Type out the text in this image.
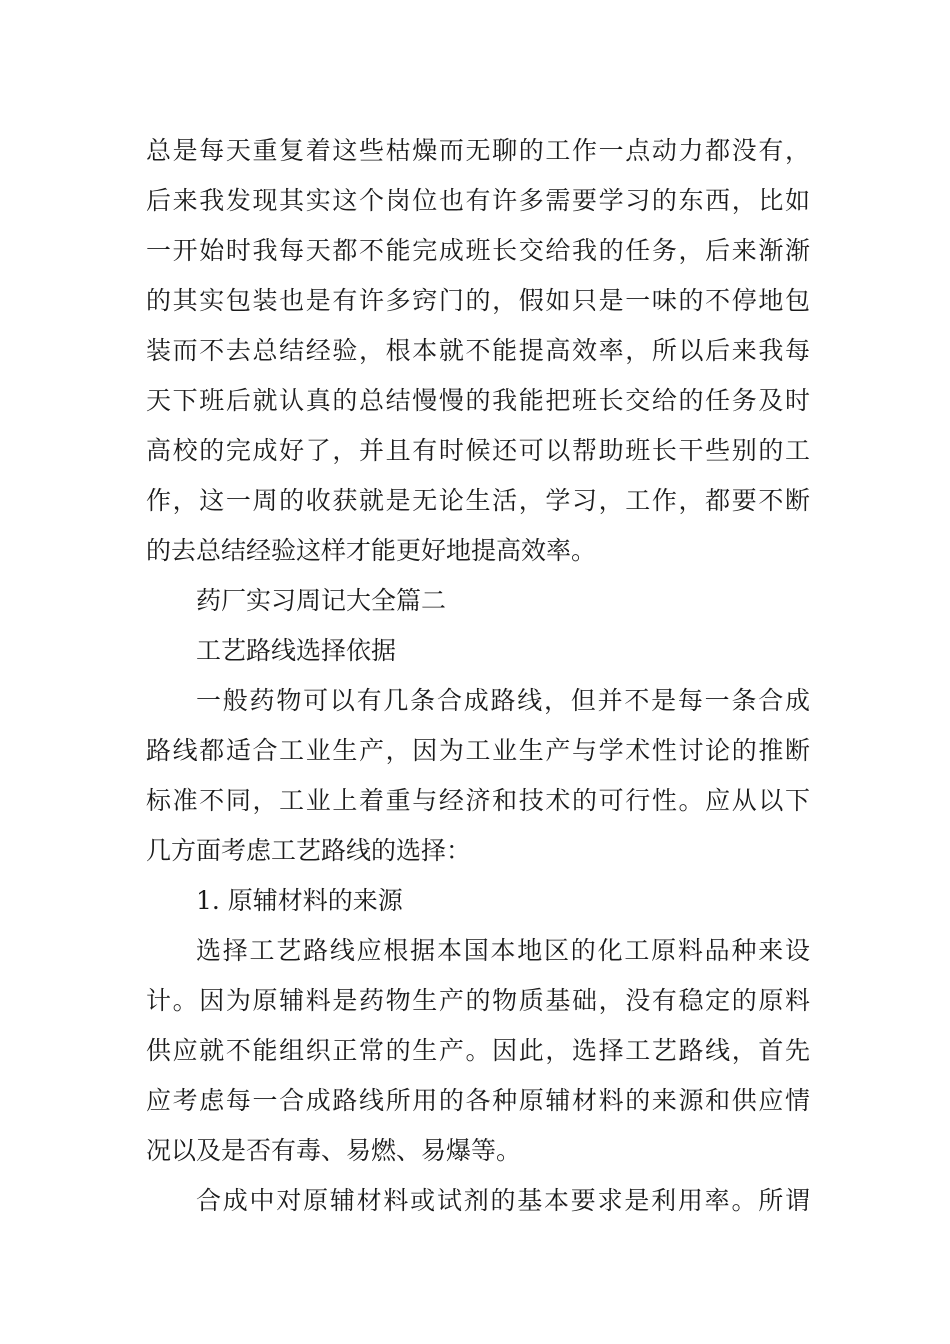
总是每天重复着这些枯燥而无聊的工作一点动力都没有，
后来我发现其实这个岗位也有许多需要学习的东西，比如
一开始时我每天都不能完成班长交给我的任务，后来渐渐
的其实包装也是有许多窍门的，假如只是一味的不停地包
装而不去总结经验，根本就不能提高效率，所以后来我每
天下班后就认真的总结慢慢的我能把班长交给的任务及时
高校的完成好了，并且有时候还可以帮助班长干些别的工
作，这一周的收获就是无论生活，学习，工作，都要不断
的去总结经验这样才能更好地提高效率。
药厂实习周记大全篇二
工艺路线选择依据
一般药物可以有几条合成路线，但并不是每一条合成
路线都适合工业生产，因为工业生产与学术性讨论的推断
标准不同，工业上着重与经济和技术的可行性。应从以下
几方面考虑工艺路线的选择：
1. 原辅材料的来源
选择工艺路线应根据本国本地区的化工原料品种来设
计。因为原辅料是药物生产的物质基础，没有稳定的原料
供应就不能组织正常的生产。因此，选择工艺路线，首先
应考虑每一合成路线所用的各种原辅材料的来源和供应情
况以及是否有毒、易燃、易爆等。
合成中对原辅材料或试剂的基本要求是利用率。所谓
